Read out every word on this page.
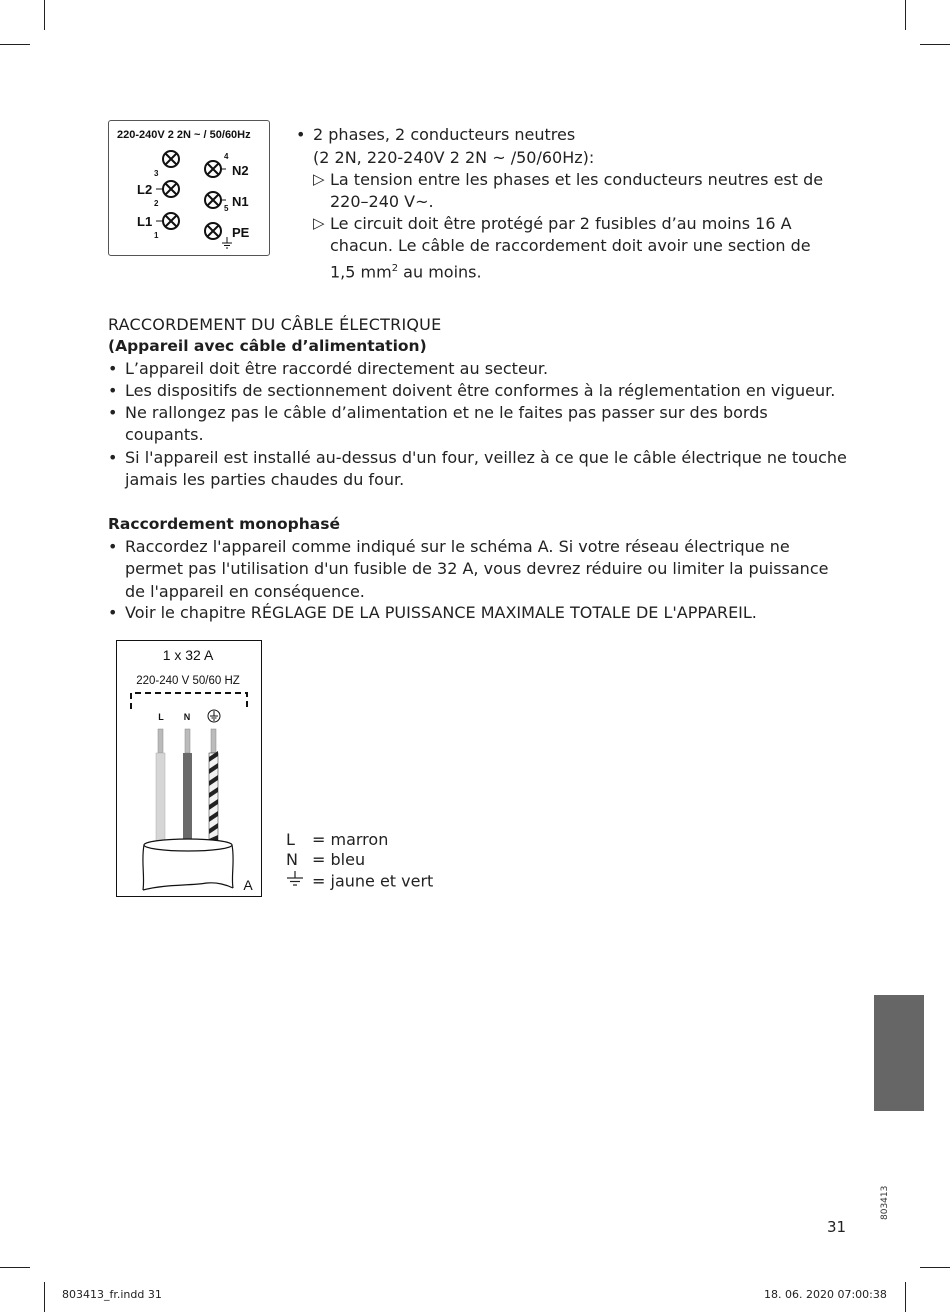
220-240V 2 2N ~ / 50/60Hz
L2
L1
N2
N1
PE
3
2
1
4
5
• 2 phases, 2 conducteurs neutres
(2 2N, 220-240V 2 2N ~ /50/60Hz):
▷ La tension entre les phases et les conducteurs neutres est de
220–240 V~.
▷ Le circuit doit être protégé par 2 fusibles d’au moins 16 A
chacun. Le câble de raccordement doit avoir une section de
1,5 $mm^2$ au moins.
RACCORDEMENT DU CÂBLE ÉLECTRIQUE
(Appareil avec câble d’alimentation)
• L’appareil doit être raccordé directement au secteur.
• Les dispositifs de sectionnement doivent être conformes à la réglementation en vigueur.
• Ne rallongez pas le câble d’alimentation et ne le faites pas passer sur des bords
coupants.
• Si l'appareil est installé au-dessus d'un four, veillez à ce que le câble électrique ne touche
jamais les parties chaudes du four.
Raccordement monophasé
• Raccordez l'appareil comme indiqué sur le schéma A. Si votre réseau électrique ne
permet pas l'utilisation d'un fusible de 32 A, vous devrez réduire ou limiter la puissance
de l'appareil en conséquence.
• Voir le chapitre RÉGLAGE DE LA PUISSANCE MAXIMALE TOTALE DE L'APPAREIL.
1 x 32 A
220-240 V 50/60 HZ
L N
A
L = marron
N = bleu
= jaune et vert
803413
31
803413_fr.indd 31	18. 06. 2020 07:00:38
